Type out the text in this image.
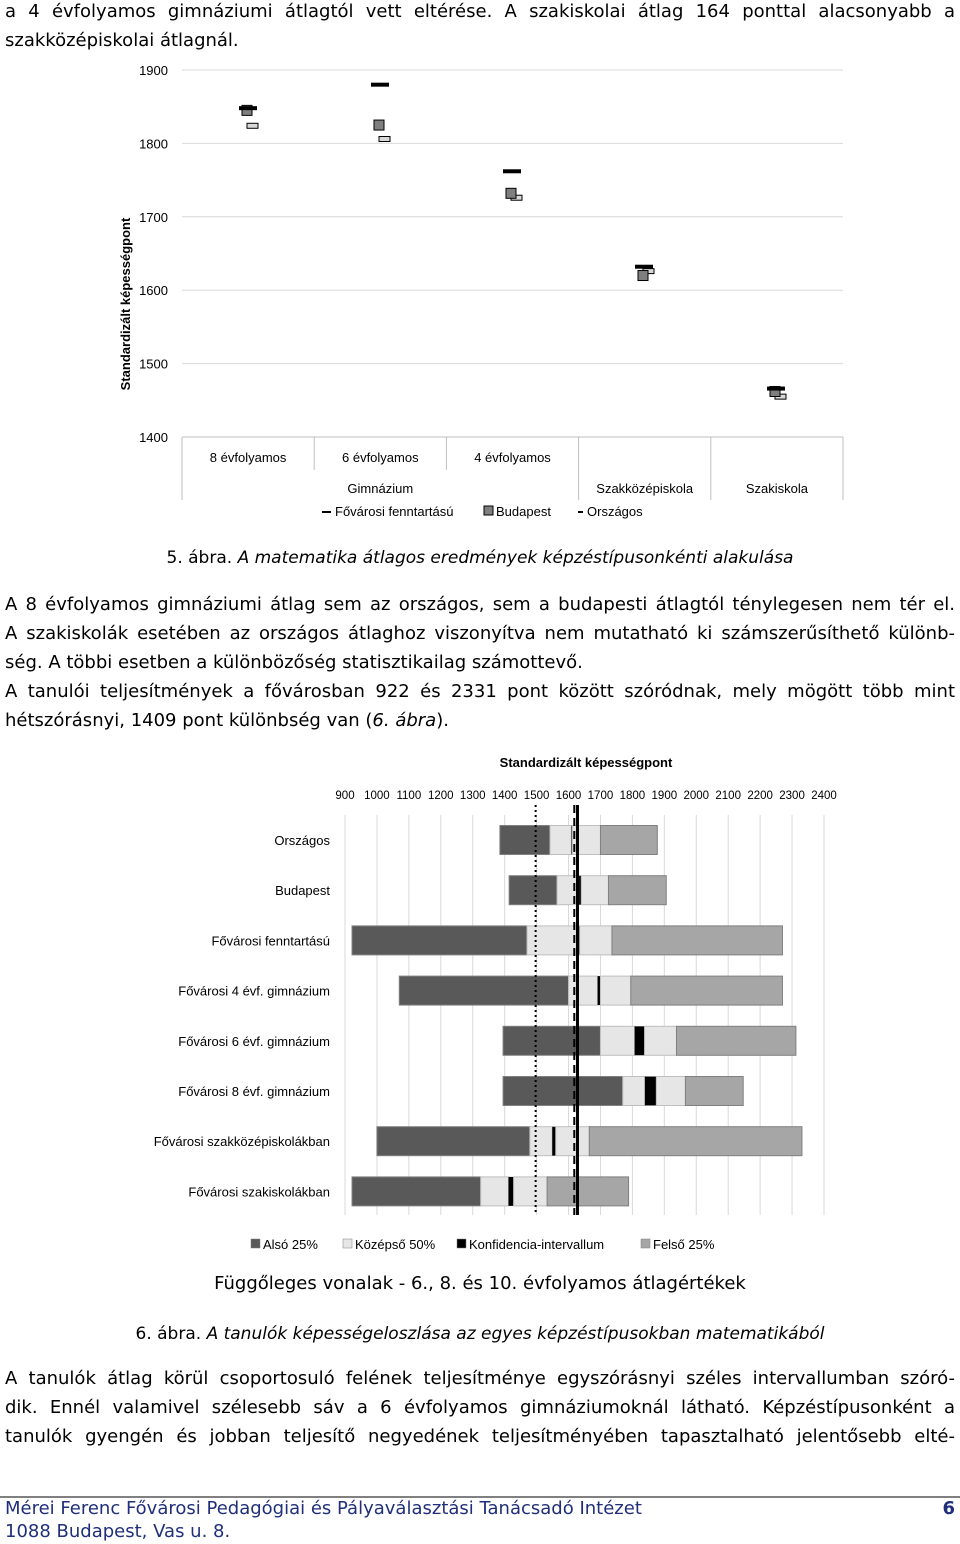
a 4 évfolyamos gimnáziumi átlagtól vett eltérése. A szakiskolai átlag 164 ponttal alacsonyabb a
szakközépiskolai átlagnál.
1400
1500
1600
1700
1800
1900
Standardizált képességpont
8 évfolyamos	6 évfolyamos	4 évfolyamos
Szakközépiskola	Szakiskola
Gimnázium
Fővárosi fenntartású	Budapest	Országos

5. ábra. A matematika átlagos eredmények képzéstípusonkénti alakulása

A 8 évfolyamos gimnáziumi átlag sem az országos, sem a budapesti átlagtól ténylegesen nem tér el.
A szakiskolák esetében az országos átlaghoz viszonyítva nem mutatható ki számszerűsíthető különb-
ség. A többi esetben a különbözőség statisztikailag számottevő.
A tanulói teljesítmények a fővárosban 922 és 2331 pont között szóródnak, mely mögött több mint
hétszórásnyi, 1409 pont különbség van (6. ábra).
Standardizált képességpont
900 1000 1100 1200 1300 1400 1500 1600 1700 1800 1900 2000 2100 2200 2300 2400
Országos
Budapest
Fővárosi fenntartású
Fővárosi 4 évf. gimnázium
Fővárosi 6 évf. gimnázium
Fővárosi 8 évf. gimnázium
Fővárosi szakközépiskolákban
Fővárosi szakiskolákban
Alsó 25%	Középső 50%	Konfidencia-intervallum	Felső 25%
Függőleges vonalak - 6., 8. és 10. évfolyamos átlagértékek

6. ábra. A tanulók képességeloszlása az egyes képzéstípusokban matematikából

A tanulók átlag körül csoportosuló felének teljesítménye egyszórásnyi széles intervallumban szóró-
dik. Ennél valamivel szélesebb sáv a 6 évfolyamos gimnáziumoknál látható. Képzéstípusonként a
tanulók gyengén és jobban teljesítő negyedének teljesítményében tapasztalható jelentősebb elté-
Mérei Ferenc Fővárosi Pedagógiai és Pályaválasztási Tanácsadó Intézet
1088 Budapest, Vas u. 8.
6
